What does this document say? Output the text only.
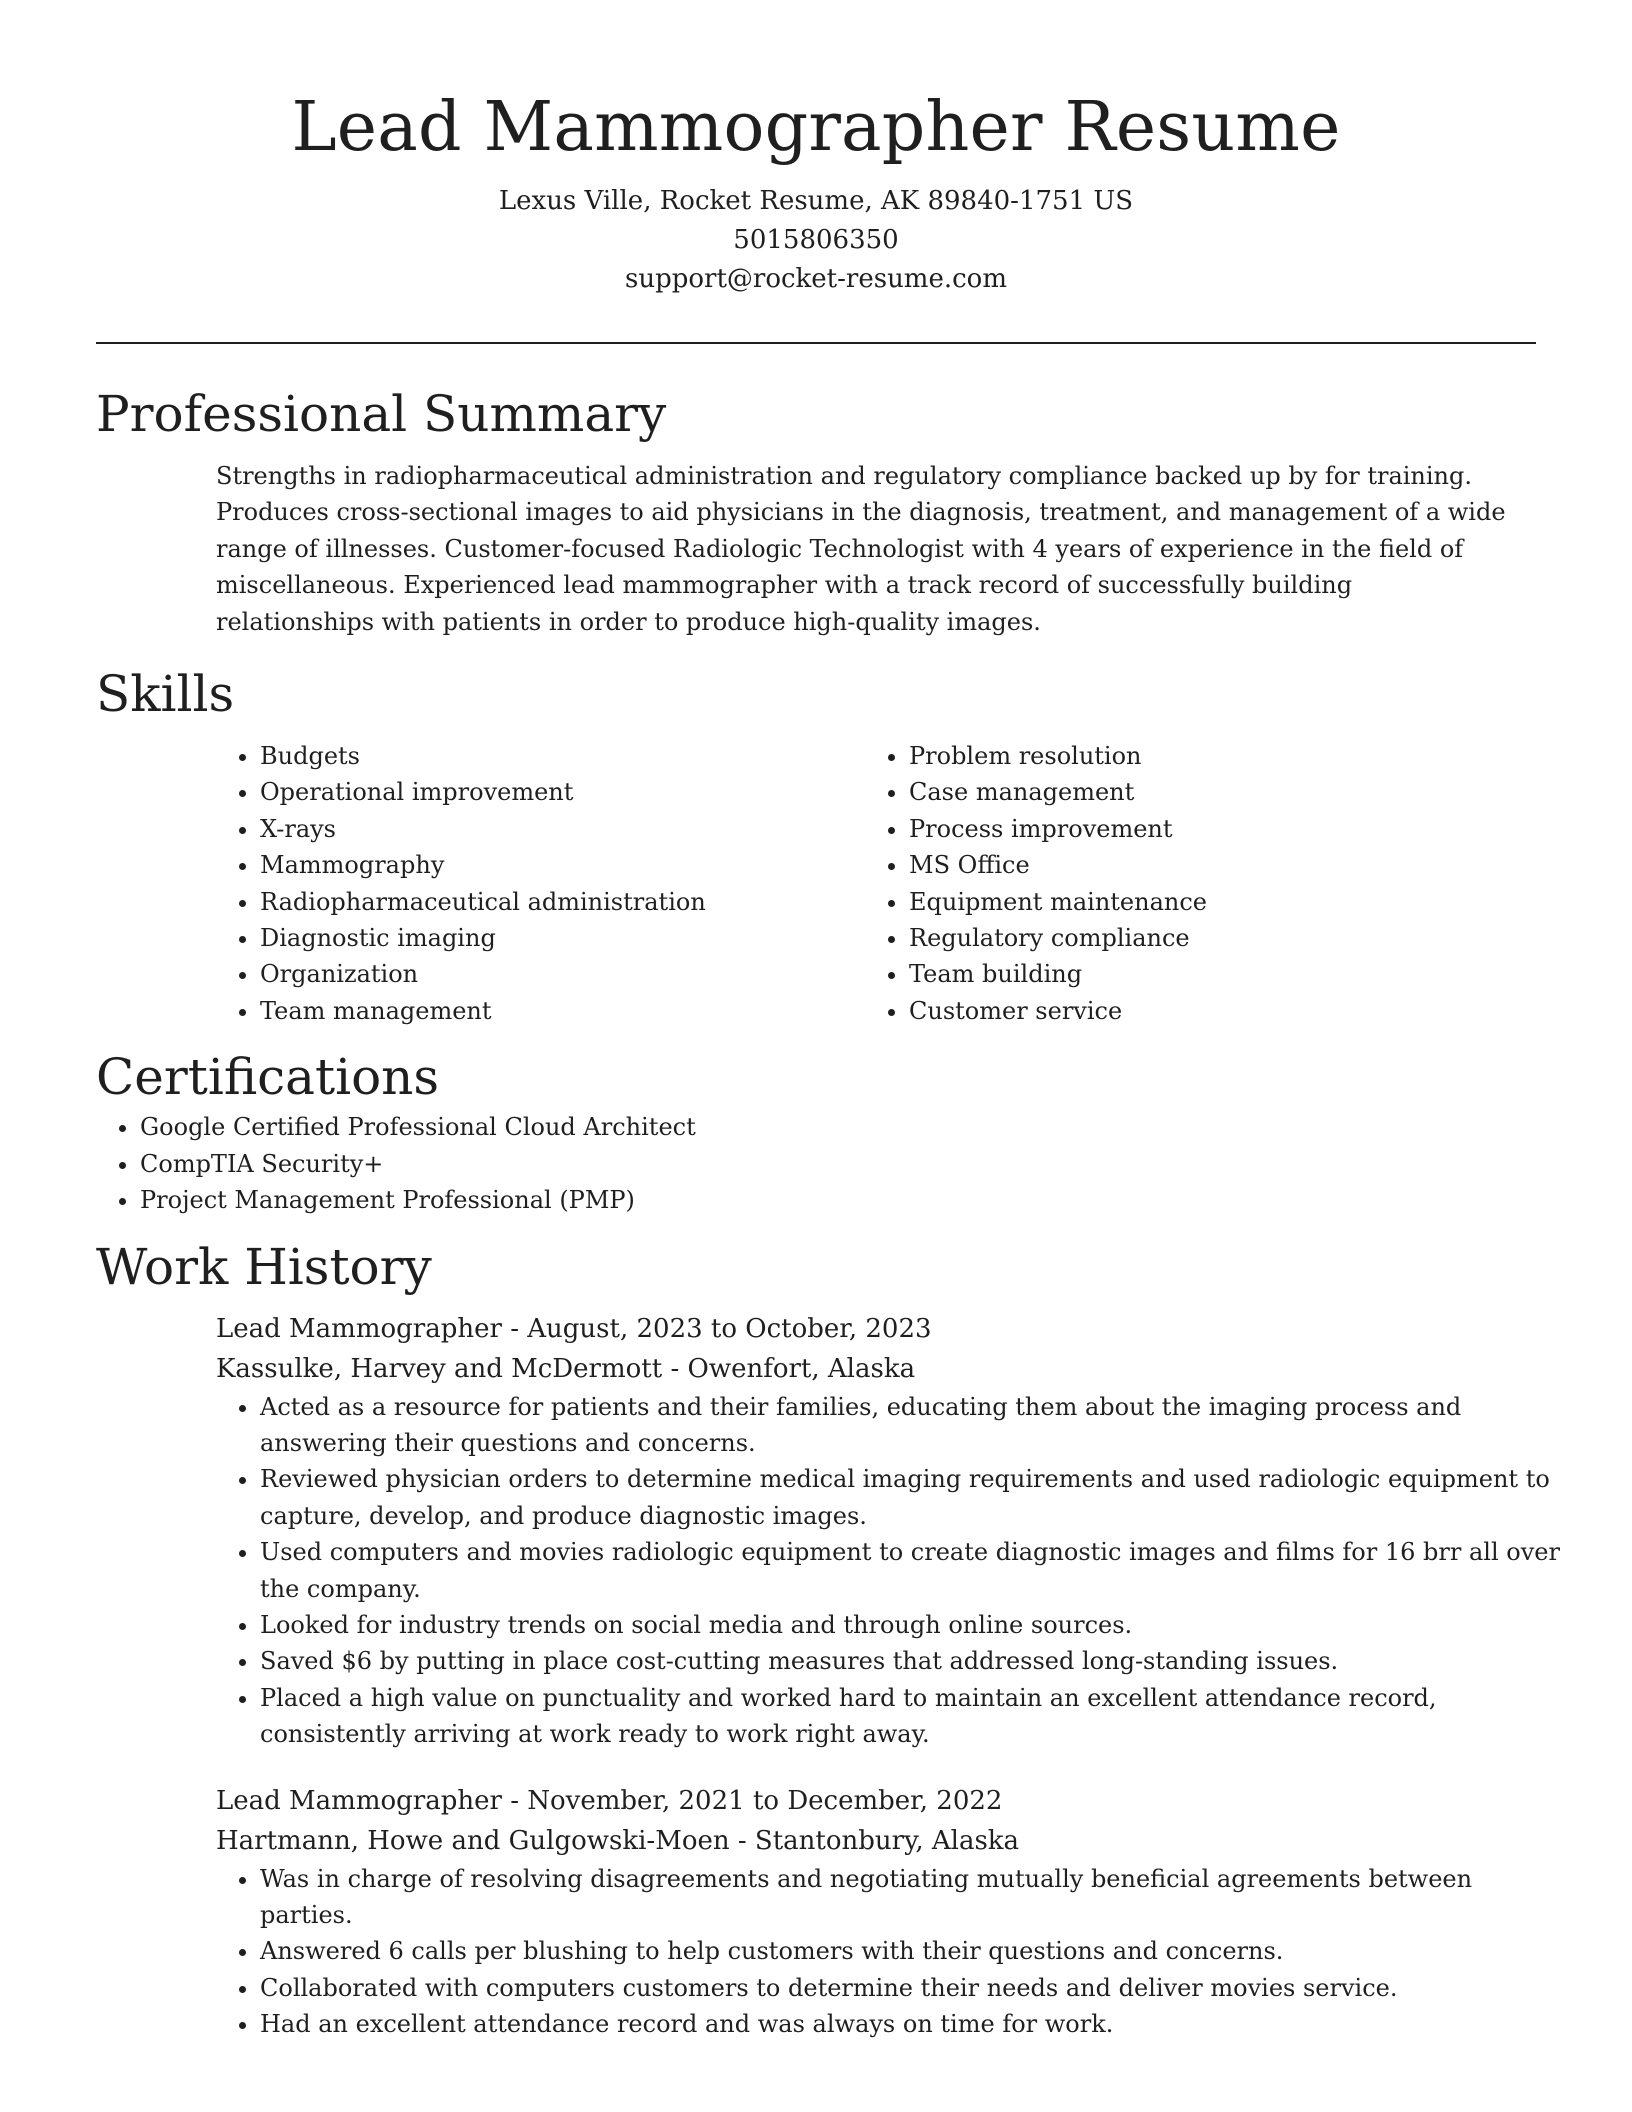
Lead Mammographer Resume
Lexus Ville, Rocket Resume, AK 89840-1751 US
5015806350
support@rocket-resume.com
Professional Summary

Strengths in radiopharmaceutical administration and regulatory compliance backed up by for training. Produces cross-sectional images to aid physicians in the diagnosis, treatment, and management of a wide range of illnesses. Customer-focused Radiologic Technologist with 4 years of experience in the field of miscellaneous. Experienced lead mammographer with a track record of successfully building relationships with patients in order to produce high-quality images.

Skills
• Budgets
• Operational improvement
• X-rays
• Mammography
• Radiopharmaceutical administration
• Diagnostic imaging
• Organization
• Team management
• Problem resolution
• Case management
• Process improvement
• MS Office
• Equipment maintenance
• Regulatory compliance
• Team building
• Customer service
Certifications
• Google Certified Professional Cloud Architect
• CompTIA Security+
• Project Management Professional (PMP)
Work History
Lead Mammographer - August, 2023 to October, 2023
Kassulke, Harvey and McDermott - Owenfort, Alaska
• Acted as a resource for patients and their families, educating them about the imaging process and answering their questions and concerns.
• Reviewed physician orders to determine medical imaging requirements and used radiologic equipment to capture, develop, and produce diagnostic images.
• Used computers and movies radiologic equipment to create diagnostic images and films for 16 brr all over the company.
• Looked for industry trends on social media and through online sources.
• Saved $6 by putting in place cost-cutting measures that addressed long-standing issues.
• Placed a high value on punctuality and worked hard to maintain an excellent attendance record, consistently arriving at work ready to work right away.
Lead Mammographer - November, 2021 to December, 2022
Hartmann, Howe and Gulgowski-Moen - Stantonbury, Alaska
• Was in charge of resolving disagreements and negotiating mutually beneficial agreements between parties.
• Answered 6 calls per blushing to help customers with their questions and concerns.
• Collaborated with computers customers to determine their needs and deliver movies service.
• Had an excellent attendance record and was always on time for work.
